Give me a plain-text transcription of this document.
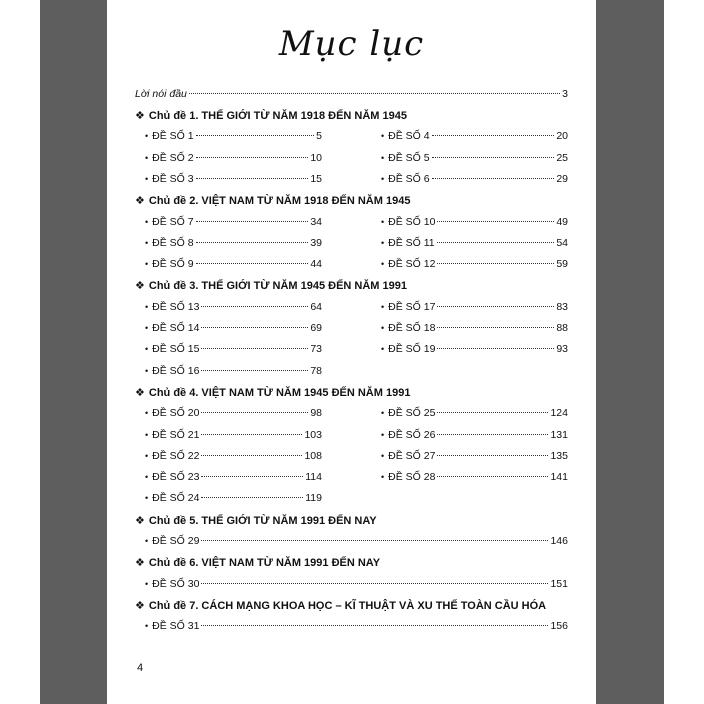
Mục lục
Lời nói đầu	3
❖ Chủ đề 1. THẾ GIỚI TỪ NĂM 1918 ĐẾN NĂM 1945
• ĐỀ SỐ 1	5
• ĐỀ SỐ 2	10
• ĐỀ SỐ 3	15
• ĐỀ SỐ 4	20
• ĐỀ SỐ 5	25
• ĐỀ SỐ 6	29
❖ Chủ đề 2. VIỆT NAM TỪ NĂM 1918 ĐẾN NĂM 1945
• ĐỀ SỐ 7	34
• ĐỀ SỐ 8	39
• ĐỀ SỐ 9	44
• ĐỀ SỐ 10	49
• ĐỀ SỐ 11	54
• ĐỀ SỐ 12	59
❖ Chủ đề 3. THẾ GIỚI TỪ NĂM 1945 ĐẾN NĂM 1991
• ĐỀ SỐ 13	64
• ĐỀ SỐ 14	69
• ĐỀ SỐ 15	73
• ĐỀ SỐ 16	78
• ĐỀ SỐ 17	83
• ĐỀ SỐ 18	88
• ĐỀ SỐ 19	93
❖ Chủ đề 4. VIỆT NAM TỪ NĂM 1945 ĐẾN NĂM 1991
• ĐỀ SỐ 20	98
• ĐỀ SỐ 21	103
• ĐỀ SỐ 22	108
• ĐỀ SỐ 23	114
• ĐỀ SỐ 24	119
• ĐỀ SỐ 25	124
• ĐỀ SỐ 26	131
• ĐỀ SỐ 27	135
• ĐỀ SỐ 28	141
❖ Chủ đề 5. THẾ GIỚI TỪ NĂM 1991 ĐẾN NAY
• ĐỀ SỐ 29	146
❖ Chủ đề 6. VIỆT NAM TỪ NĂM 1991 ĐẾN NAY
• ĐỀ SỐ 30	151
❖ Chủ đề 7. CÁCH MẠNG KHOA HỌC – KĨ THUẬT VÀ XU THẾ TOÀN CẦU HÓA
• ĐỀ SỐ 31	156
4
